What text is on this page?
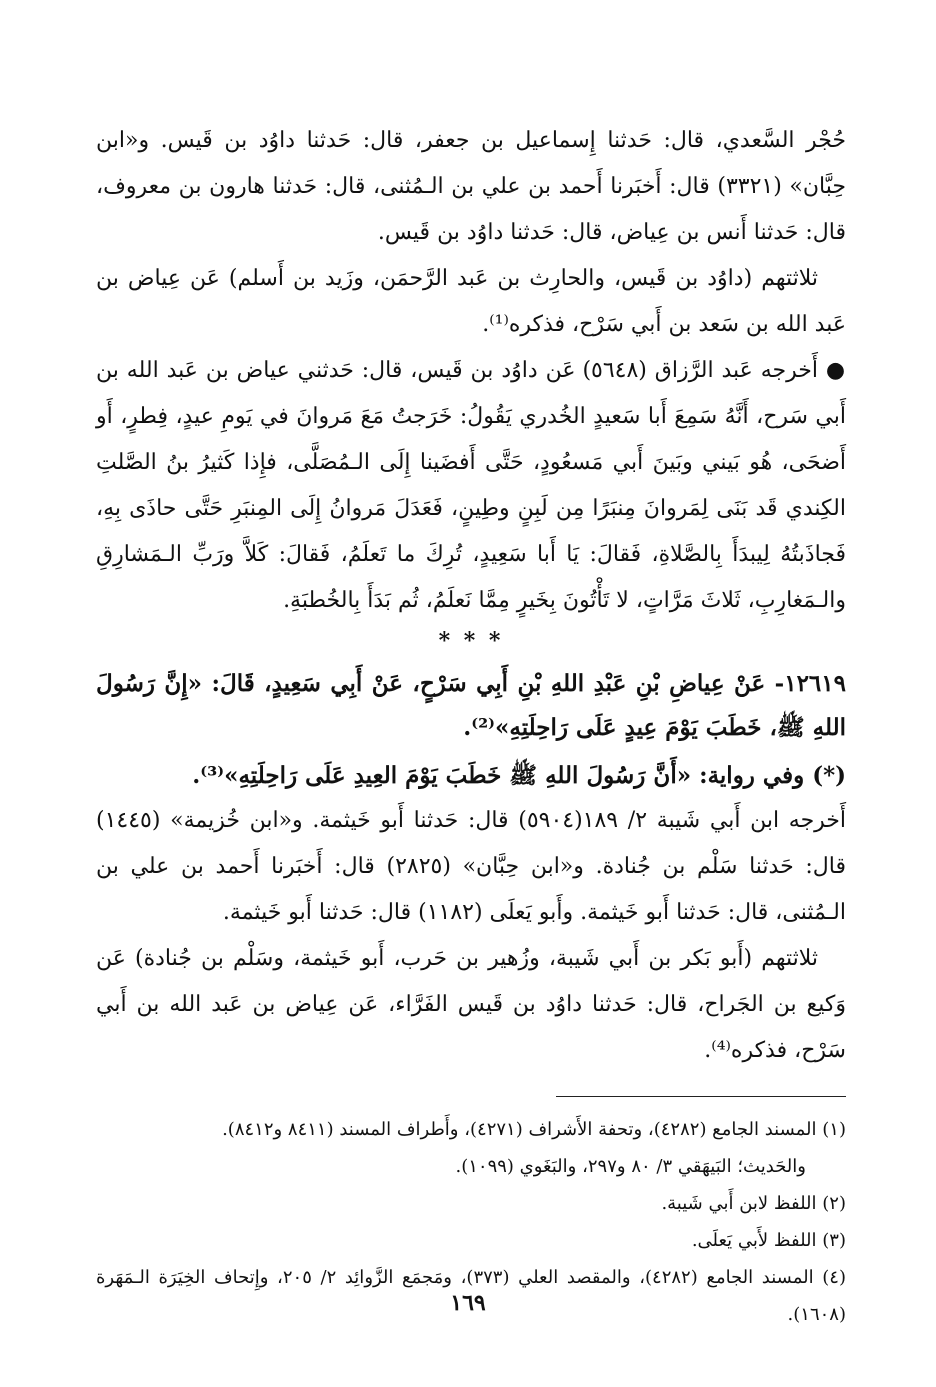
حُجْر السَّعدي، قال: حَدثنا إِسماعيل بن جعفر، قال: حَدثنا داوُد بن قَيس. و«ابن حِبَّان» (٣٣٢١) قال: أَخبَرنا أَحمد بن علي بن الـمُثنى، قال: حَدثنا هارون بن معروف، قال: حَدثنا أَنس بن عِياض، قال: حَدثنا داوُد بن قَيس.

ثلاثتهم (داوُد بن قَيس، والحارِث بن عَبد الرَّحمَن، وزَيد بن أَسلم) عَن عِياض بن عَبد الله بن سَعد بن أَبي سَرْح، فذكره⁽¹⁾.

● أَخرجه عَبد الرَّزاق (٥٦٤٨) عَن داوُد بن قَيس، قال: حَدثني عياض بن عَبد الله بن أَبي سَرح، أَنَّهُ سَمِعَ أَبا سَعيدٍ الخُدري يَقُولُ: خَرَجتُ مَعَ مَروانَ في يَومِ عيدٍ، فِطرٍ، أَو أَضحَى، هُو بَيني وبَينَ أَبي مَسعُودٍ، حَتَّى أَفضَينا إِلَى الـمُصَلَّى، فإِذا كَثيرُ بنُ الصَّلتِ الكِندي قَد بَنَى لِمَروانَ مِنبَرًا مِن لَبِنٍ وطِينٍ، فَعَدَلَ مَروانُ إِلَى المِنبَرِ حَتَّى حاذَى بِهِ، فَجاذَبتُهُ لِيبدَأَ بِالصَّلاةِ، فَقالَ: يَا أَبا سَعِيدٍ، تُرِكَ ما تَعلَمُ، فَقالَ: كَلاَّ ورَبِّ الـمَشارِقِ والـمَغارِبِ، ثَلاثَ مَرَّاتٍ، لا تَأْتُونَ بِخَيرٍ مِمَّا نَعلَمُ، ثُم بَدَأَ بِالخُطبَةِ.

* * *

١٢٦١٩- عَنْ عِياضِ بْنِ عَبْدِ اللهِ بْنِ أَبِي سَرْحٍ، عَنْ أَبِي سَعِيدٍ، قَالَ: «إِنَّ رَسُولَ اللهِ ﷺ، خَطَبَ يَوْمَ عِيدٍ عَلَى رَاحِلَتِهِ»⁽²⁾.

(*) وفي رواية: «أَنَّ رَسُولَ اللهِ ﷺ خَطَبَ يَوْمَ العِيدِ عَلَى رَاحِلَتِهِ»⁽³⁾.

أَخرجه ابن أَبي شَيبة ٢/ ١٨٩(٥٩٠٤) قال: حَدثنا أَبو خَيثمة. و«ابن خُزيمة» (١٤٤٥) قال: حَدثنا سَلْم بن جُنادة. و«ابن حِبَّان» (٢٨٢٥) قال: أَخبَرنا أَحمد بن علي بن الـمُثنى، قال: حَدثنا أَبو خَيثمة. وأَبو يَعلَى (١١٨٢) قال: حَدثنا أَبو خَيثمة.

ثلاثتهم (أَبو بَكر بن أَبي شَيبة، وزُهير بن حَرب، أَبو خَيثمة، وسَلْم بن جُنادة) عَن وَكيع بن الجَراح، قال: حَدثنا داوُد بن قَيس الفَرَّاء، عَن عِياض بن عَبد الله بن أَبي سَرْح، فذكره⁽⁴⁾.

(١) المسند الجامع (٤٢٨٢)، وتحفة الأَشراف (٤٢٧١)، وأَطراف المسند (٨٤١١ و٨٤١٢).

والحَديث؛ البَيهَقي ٣/ ٨٠ و٢٩٧، والبَغَوي (١٠٩٩).

(٢) اللفظ لابن أَبي شَيبة.

(٣) اللفظ لأَبي يَعلَى.

(٤) المسند الجامع (٤٢٨٢)، والمقصد العلي (٣٧٣)، ومَجمَع الزَّوائِد ٢/ ٢٠٥، وإِتحاف الخِيَرَة الـمَهَرة (١٦٠٨).

١٦٩
